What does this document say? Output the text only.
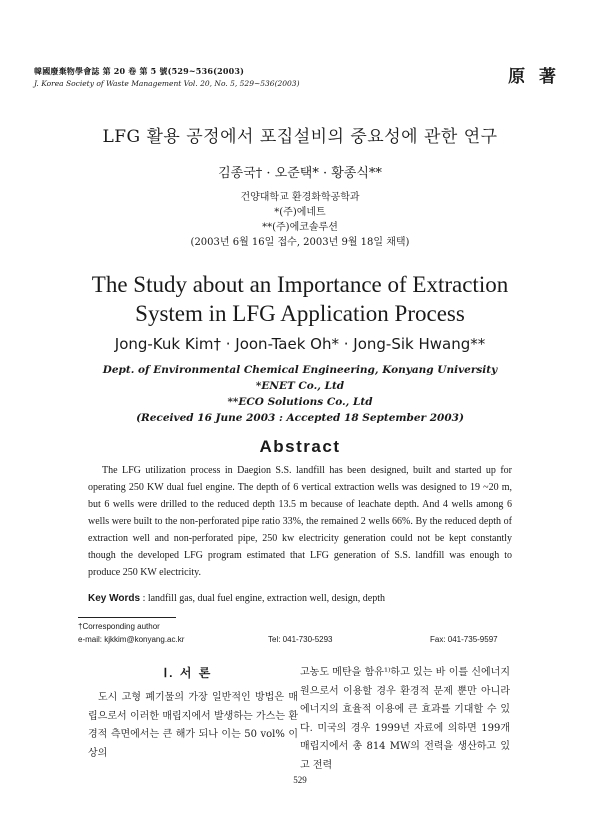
韓國廢棄物學會誌 第 20 卷 第 5 號(529~536(2003)
J. Korea Society of Waste Management Vol. 20, No. 5, 529~536(2003)	原 著
LFG 활용 공정에서 포집설비의 중요성에 관한 연구
김종국† · 오준택* · 황종식**
건양대학교 환경화학공학과
*(주)에네트
**(주)에코솔루션
(2003년 6월 16일 접수, 2003년 9월 18일 채택)
The Study about an Importance of Extraction
System in LFG Application Process
Jong-Kuk Kim† · Joon-Taek Oh* · Jong-Sik Hwang**
Dept. of Environmental Chemical Engineering, Konyang University
*ENET Co., Ltd
**ECO Solutions Co., Ltd
(Received 16 June 2003 : Accepted 18 September 2003)
Abstract
The LFG utilization process in Daegion S.S. landfill has been designed, built and started up for operating 250 KW dual fuel engine. The depth of 6 vertical extraction wells was designed to 19 ~20 m, but 6 wells were drilled to the reduced depth 13.5 m because of leachate depth. And 4 wells among 6 wells were built to the non-perforated pipe ratio 33%, the remained 2 wells 66%. By the reduced depth of extraction well and non-perforated pipe, 250 kw electricity generation could not be kept constantly though the developed LFG program estimated that LFG generation of S.S. landfill was enough to produce 250 KW electricity.
Key Words : landfill gas, dual fuel engine, extraction well, design, depth
†Corresponding author
e-mail: kjkkim@konyang.ac.kr	Tel: 041-730-5293	Fax: 041-735-9597
Ⅰ. 서 론
도시 고형 폐기물의 가장 일반적인 방법은 매립으로서 이러한 매립지에서 발생하는 가스는 환경적 측면에서는 큰 해가 되나 이는 50 vol% 이상의
고농도 메탄을 함유¹⁾하고 있는 바 이를 신에너지원으로서 이용할 경우 환경적 문제 뿐만 아니라 에너지의 효율적 이용에 큰 효과를 기대할 수 있다. 미국의 경우 1999년 자료에 의하면 199개 매립지에서 총 814 MW의 전력을 생산하고 있고 전력
529
